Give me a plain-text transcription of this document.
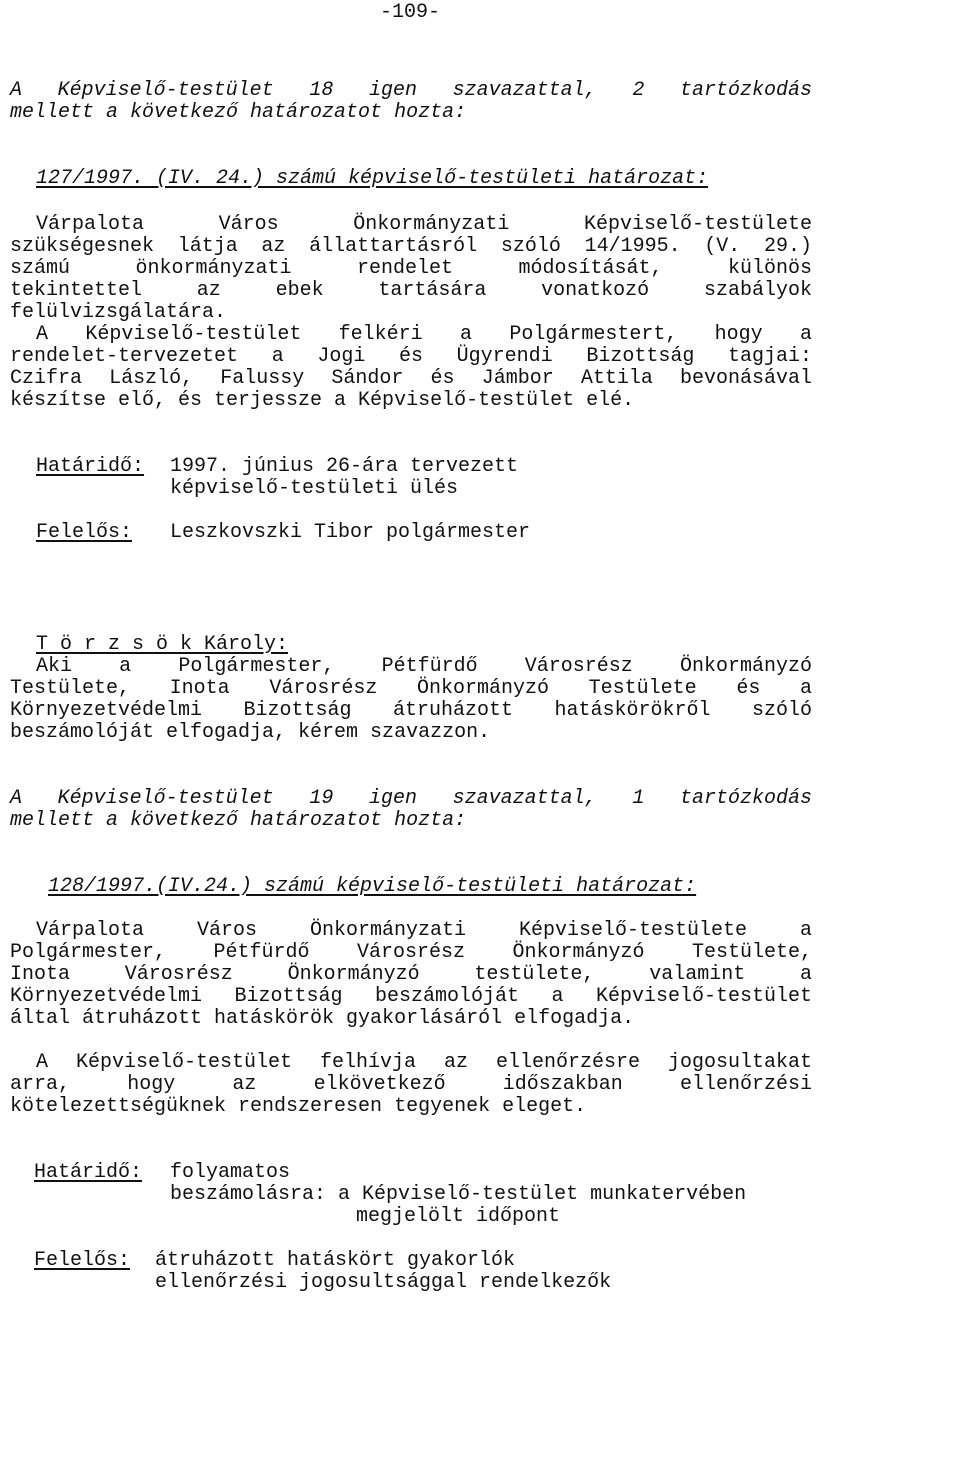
-109-
A Képviselő-testület 18 igen szavazattal, 2 tartózkodás
mellett a következő határozatot hozta:
127/1997. (IV. 24.) számú képviselő-testületi határozat:
Várpalota Város Önkormányzati Képviselő-testülete
szükségesnek látja az állattartásról szóló 14/1995. (V. 29.)
számú önkormányzati rendelet módosítását, különös
tekintettel az ebek tartására vonatkozó szabályok
felülvizsgálatára.
A Képviselő-testület felkéri a Polgármestert, hogy a
rendelet-tervezetet a Jogi és Ügyrendi Bizottság tagjai:
Czifra László, Falussy Sándor és Jámbor Attila bevonásával
készítse elő, és terjessze a Képviselő-testület elé.
Határidő: 1997. június 26-ára tervezett
képviselő-testületi ülés
Felelős: Leszkovszki Tibor polgármester
T ö r z s ö k Károly:
Aki a Polgármester, Pétfürdő Városrész Önkormányzó
Testülete, Inota Városrész Önkormányzó Testülete és a
Környezetvédelmi Bizottság átruházott hatáskörökről szóló
beszámolóját elfogadja, kérem szavazzon.
A Képviselő-testület 19 igen szavazattal, 1 tartózkodás
mellett a következő határozatot hozta:
128/1997.(IV.24.) számú képviselő-testületi határozat:
Várpalota Város Önkormányzati Képviselő-testülete a
Polgármester, Pétfürdő Városrész Önkormányzó Testülete,
Inota Városrész Önkormányzó testülete, valamint a
Környezetvédelmi Bizottság beszámolóját a Képviselő-testület
által átruházott hatáskörök gyakorlásáról elfogadja.
A Képviselő-testület felhívja az ellenőrzésre jogosultakat
arra, hogy az elkövetkező időszakban ellenőrzési
kötelezettségüknek rendszeresen tegyenek eleget.
Határidő: folyamatos
beszámolásra: a Képviselő-testület munkatervében
megjelölt időpont
Felelős: átruházott hatáskört gyakorlók
ellenőrzési jogosultsággal rendelkezők
